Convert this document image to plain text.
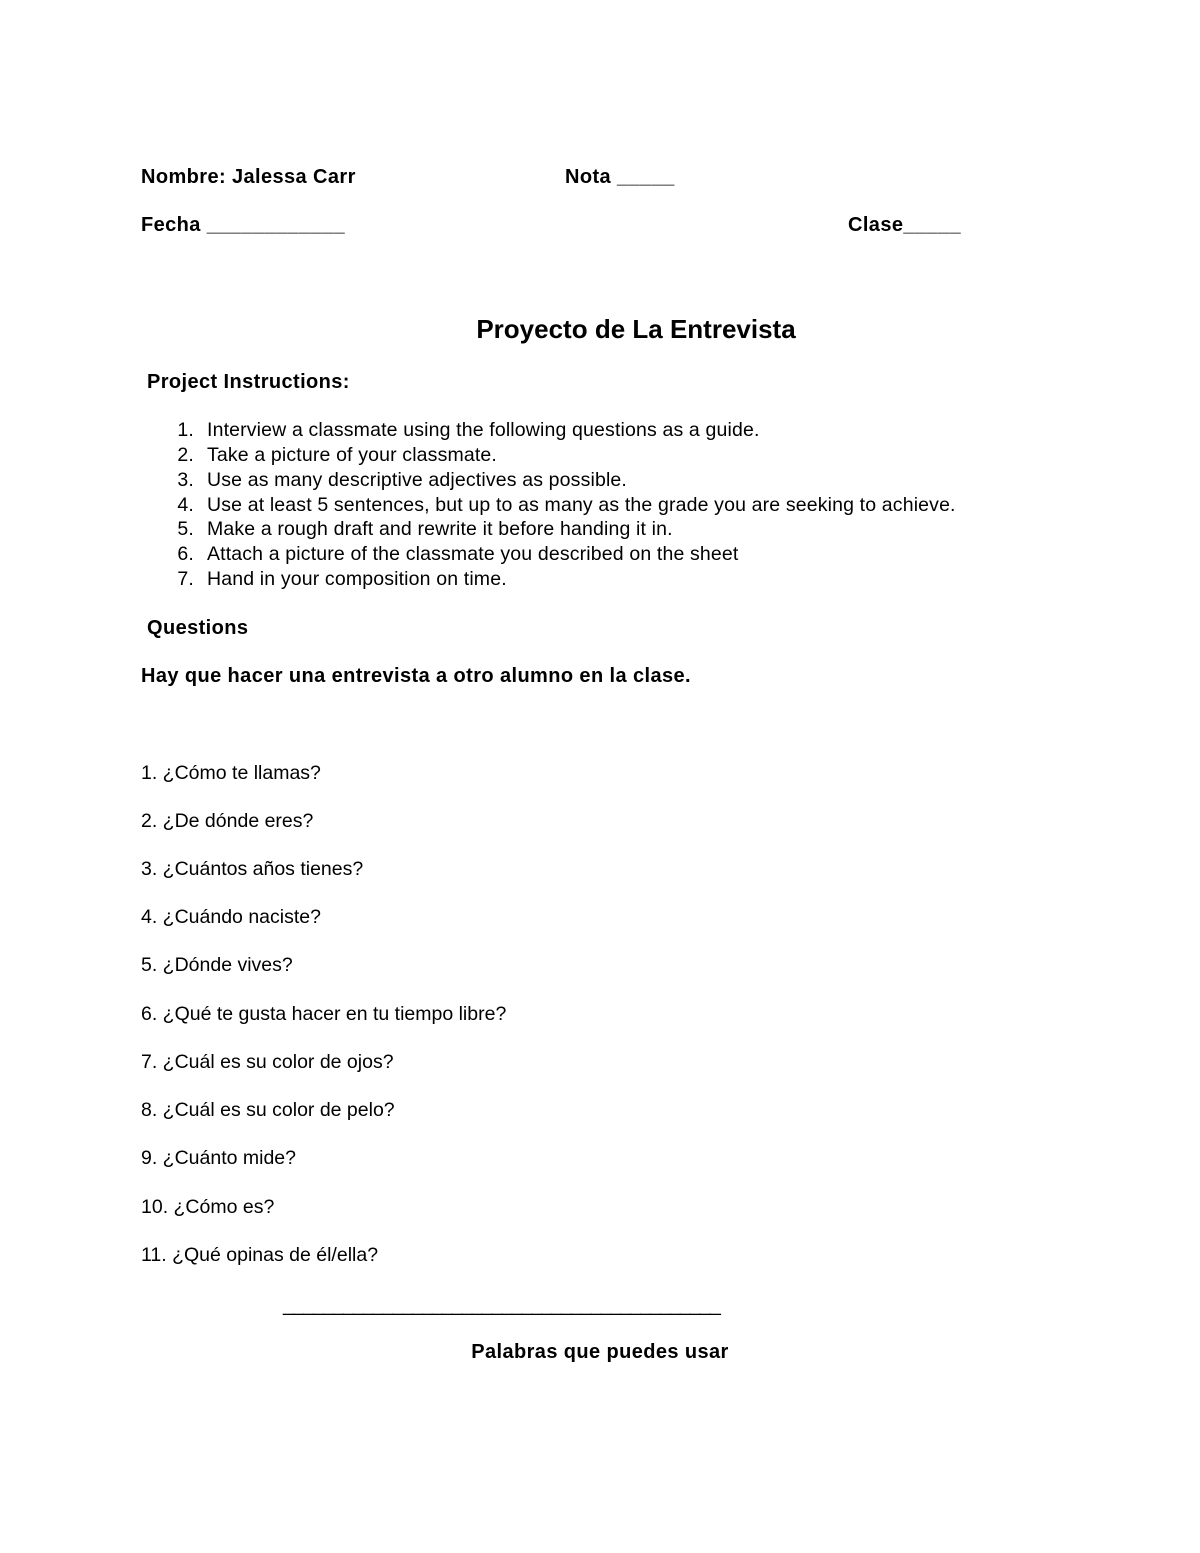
Nombre: Jalessa Carr	Nota _____
Fecha ____________	Clase_____
Proyecto de La Entrevista
Project Instructions:
1. Interview a classmate using the following questions as a guide.
2. Take a picture of your classmate.
3. Use as many descriptive adjectives as possible.
4. Use at least 5 sentences, but up to as many as the grade you are seeking to achieve.
5. Make a rough draft and rewrite it before handing it in.
6. Attach a picture of the classmate you described on the sheet
7. Hand in your composition on time.
Questions
Hay que hacer una entrevista a otro alumno en la clase.
1. ¿Cómo te llamas?
2. ¿De dónde eres?
3. ¿Cuántos años tienes?
4. ¿Cuándo naciste?
5. ¿Dónde vives?
6. ¿Qué te gusta hacer en tu tiempo libre?
7. ¿Cuál es su color de ojos?
8. ¿Cuál es su color de pelo?
9. ¿Cuánto mide?
10. ¿Cómo es?
11. ¿Qué opinas de él/ella?
____________________________________________
Palabras que puedes usar
